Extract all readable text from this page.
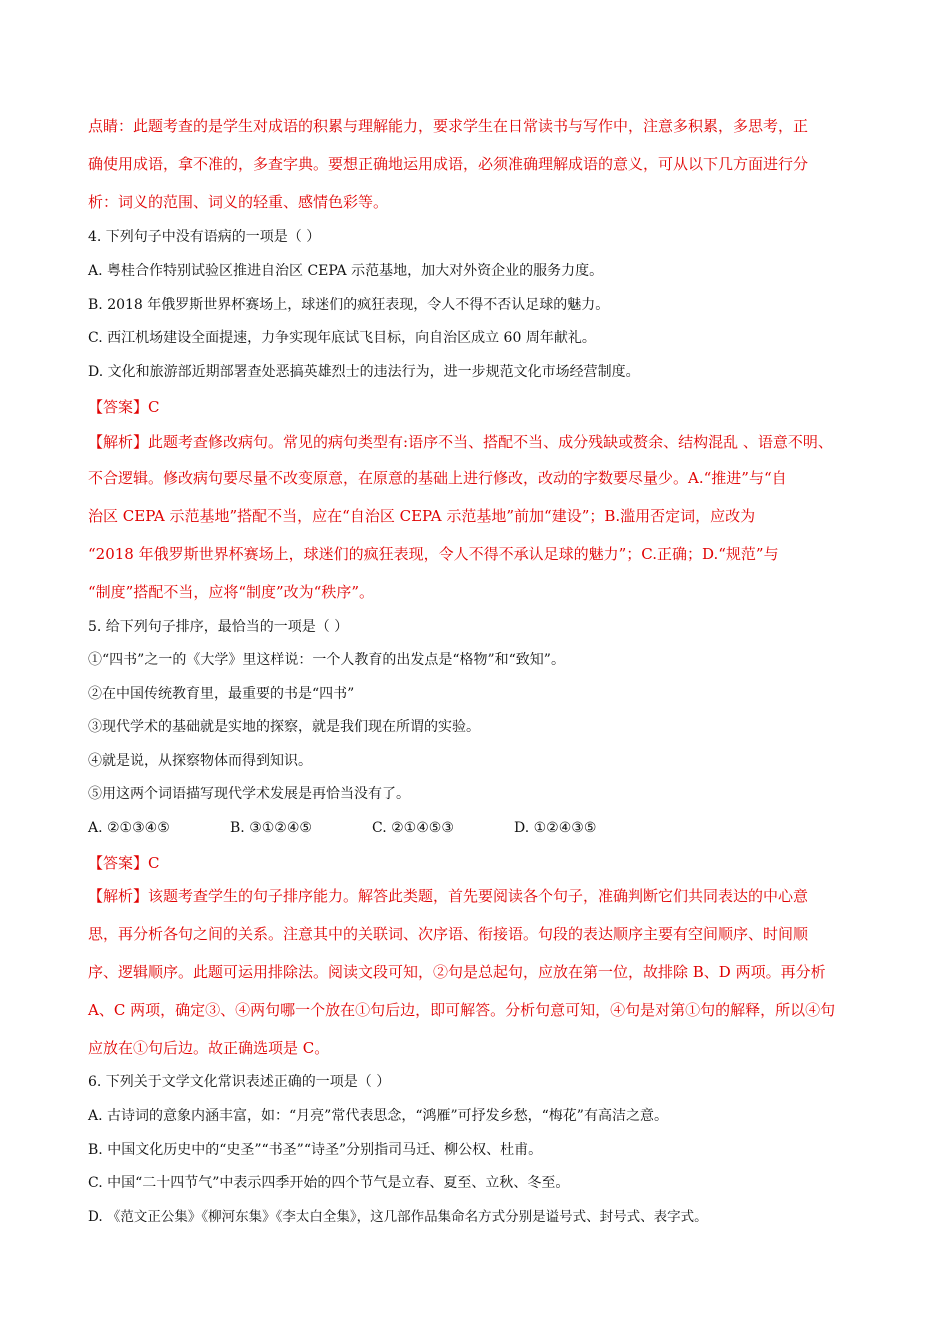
点睛：此题考查的是学生对成语的积累与理解能力，要求学生在日常读书与写作中，注意多积累，多思考，正
确使用成语，拿不准的，多查字典。要想正确地运用成语，必须准确理解成语的意义，可从以下几方面进行分
析：词义的范围、词义的轻重、感情色彩等。
4. 下列句子中没有语病的一项是（ ）
A. 粤桂合作特别试验区推进自治区 CEPA 示范基地，加大对外资企业的服务力度。
B. 2018 年俄罗斯世界杯赛场上，球迷们的疯狂表现，令人不得不否认足球的魅力。
C. 西江机场建设全面提速，力争实现年底试飞目标，向自治区成立 60 周年献礼。
D. 文化和旅游部近期部署查处恶搞英雄烈士的违法行为，进一步规范文化市场经营制度。
【答案】C
【解析】此题考查修改病句。常见的病句类型有:语序不当、搭配不当、成分残缺或赘余、结构混乱 、语意不明、
不合逻辑。修改病句要尽量不改变原意，在原意的基础上进行修改，改动的字数要尽量少。A.“推进”与“自
治区 CEPA 示范基地”搭配不当，应在“自治区 CEPA 示范基地”前加“建设”；B.滥用否定词，应改为
“2018 年俄罗斯世界杯赛场上，球迷们的疯狂表现，令人不得不承认足球的魅力”；C.正确；D.“规范”与
“制度”搭配不当，应将“制度”改为“秩序”。
5. 给下列句子排序，最恰当的一项是（ ）
①“四书”之一的《大学》里这样说：一个人教育的出发点是“格物”和“致知”。
②在中国传统教育里，最重要的书是“四书”
③现代学术的基础就是实地的探察，就是我们现在所谓的实验。
④就是说，从探察物体而得到知识。
⑤用这两个词语描写现代学术发展是再恰当没有了。
A. ②①③④⑤	B. ③①②④⑤	C. ②①④⑤③	D. ①②④③⑤
【答案】C
【解析】该题考查学生的句子排序能力。解答此类题，首先要阅读各个句子，准确判断它们共同表达的中心意
思，再分析各句之间的关系。注意其中的关联词、次序语、衔接语。句段的表达顺序主要有空间顺序、时间顺
序、逻辑顺序。此题可运用排除法。阅读文段可知，②句是总起句，应放在第一位，故排除 B、D 两项。再分析
A、C 两项，确定③、④两句哪一个放在①句后边，即可解答。分析句意可知，④句是对第①句的解释，所以④句
应放在①句后边。故正确选项是 C。
6. 下列关于文学文化常识表述正确的一项是（ ）
A. 古诗词的意象内涵丰富，如：“月亮”常代表思念，“鸿雁”可抒发乡愁，“梅花”有高洁之意。
B. 中国文化历史中的“史圣”“书圣”“诗圣”分别指司马迁、柳公权、杜甫。
C. 中国“二十四节气”中表示四季开始的四个节气是立春、夏至、立秋、冬至。
D. 《范文正公集》《柳河东集》《李太白全集》，这几部作品集命名方式分别是谥号式、封号式、表字式。
